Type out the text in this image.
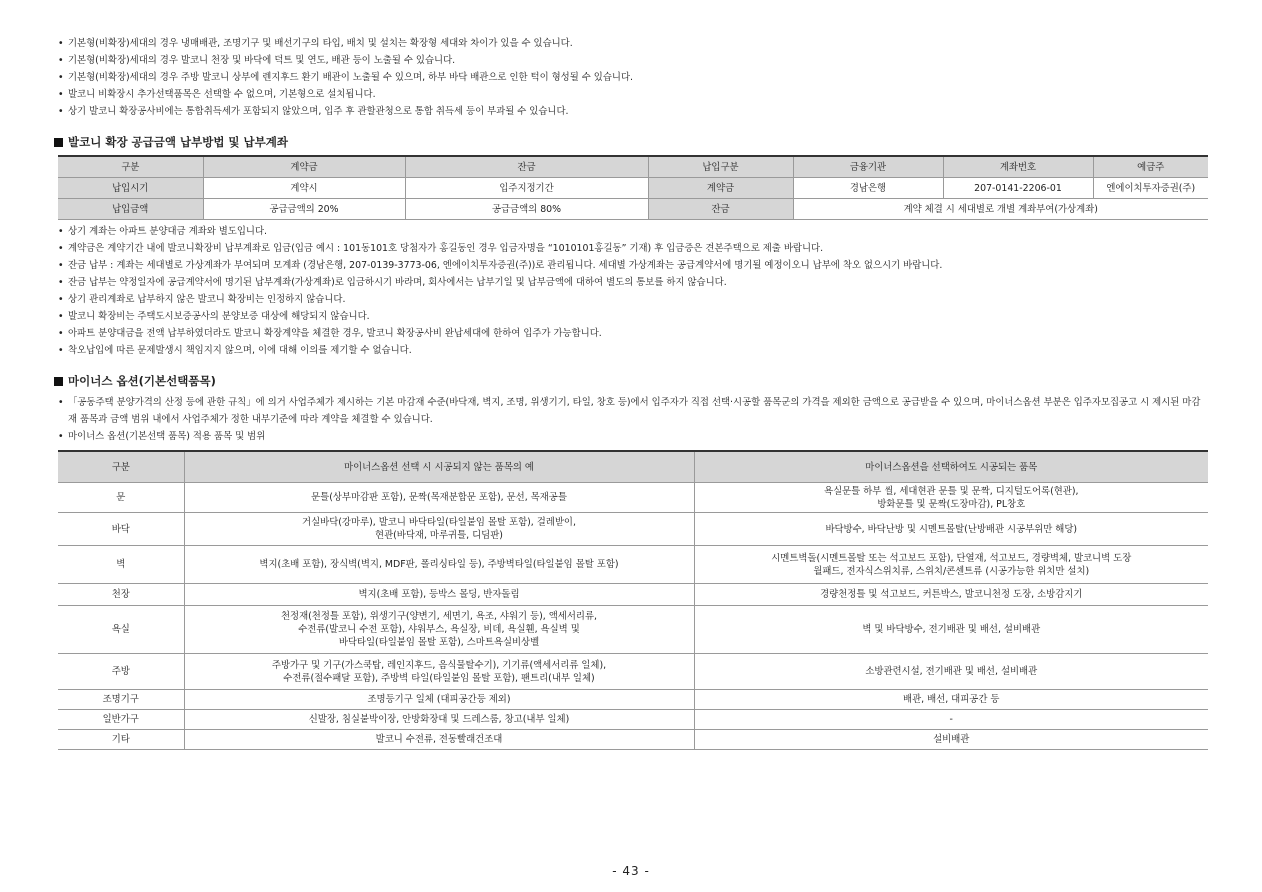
• 기본형(비확장)세대의 경우 냉매배관, 조명기구 및 배선기구의 타입, 배치 및 설치는 확장형 세대와 차이가 있을 수 있습니다.
• 기본형(비확장)세대의 경우 발코니 천장 및 바닥에 덕트 및 연도, 배관 등이 노출될 수 있습니다.
• 기본형(비확장)세대의 경우 주방 발코니 상부에 렌지후드 환기 배관이 노출될 수 있으며, 하부 바닥 배관으로 인한 턱이 형성될 수 있습니다.
• 발코니 비확장시 추가선택품목은 선택할 수 없으며, 기본형으로 설치됩니다.
• 상기 발코니 확장공사비에는 통합취득세가 포함되지 않았으며, 입주 후 관할관청으로 통합 취득세 등이 부과될 수 있습니다.
발코니 확장 공급금액 납부방법 및 납부계좌
구분	계약금	잔금	납입구분	금융기관	계좌번호	예금주
납입시기	계약시	입주지정기간	계약금	경남은행	207-0141-2206-01	엔에이치투자증권(주)
납입금액	공급금액의 20%	공급금액의 80%	잔금	계약 체결 시 세대별로 개별 계좌부여(가상계좌)		
• 상기 계좌는 아파트 분양대금 계좌와 별도입니다.
• 계약금은 계약기간 내에 발코니확장비 납부계좌로 입금(입금 예시 : 101동101호 당첨자가 홍길동인 경우 입금자명을 “1010101홍길동” 기재) 후 입금증은 견본주택으로 제출 바랍니다.
• 잔금 납부 : 계좌는 세대별로 가상계좌가 부여되며 모계좌 (경남은행, 207-0139-3773-06, 엔에이치투자증권(주))로 관리됩니다. 세대별 가상계좌는 공급계약서에 명기될 예정이오니 납부에 착오 없으시기 바랍니다.
• 잔금 납부는 약정일자에 공급계약서에 명기된 납부계좌(가상계좌)로 입금하시기 바라며, 회사에서는 납부기일 및 납부금액에 대하여 별도의 통보를 하지 않습니다.
• 상기 관리계좌로 납부하지 않은 발코니 확장비는 인정하지 않습니다.
• 발코니 확장비는 주택도시보증공사의 분양보증 대상에 해당되지 않습니다.
• 아파트 분양대금을 전액 납부하였더라도 발코니 확장계약을 체결한 경우, 발코니 확장공사비 완납세대에 한하여 입주가 가능합니다.
• 착오납입에 따른 문제발생시 책임지지 않으며, 이에 대해 이의를 제기할 수 없습니다.
마이너스 옵션(기본선택품목)
• 「공동주택 분양가격의 산정 등에 관한 규칙」에 의거 사업주체가 제시하는 기본 마감재 수준(바닥재, 벽지, 조명, 위생기기, 타일, 창호 등)에서 입주자가 직접 선택·시공할 품목군의 가격을 제외한 금액으로 공급받을 수 있으며, 마이너스옵션 부분은 입주자모집공고 시 제시된 마감재 품목과 금액 범위 내에서 사업주체가 정한 내부기준에 따라 계약을 체결할 수 있습니다.
• 마이너스 옵션(기본선택 품목) 적용 품목 및 범위
구분	마이너스옵션 선택 시 시공되지 않는 품목의 예	마이너스옵션을 선택하여도 시공되는 품목
문	문틀(상부마감판 포함), 문짝(목재분합문 포함), 문선, 목재공틀	욕실문틀 하부 씰, 세대현관 문틀 및 문짝, 디지털도어록(현관),
방화문틀 및 문짝(도장마감), PL창호
바닥	거실바닥(강마루), 발코니 바닥타일(타일붙임 몰탈 포함), 걸레받이,
현관(바닥재, 마루귀틀, 디딤판)	바닥방수, 바닥난방 및 시멘트몰탈(난방배관 시공부위만 해당)
벽	벽지(초배 포함), 장식벽(벽지, MDF판, 폴리싱타일 등), 주방벽타일(타일붙임 몰탈 포함)	시멘트벽돌(시멘트몰탈 또는 석고보드 포함), 단열재, 석고보드, 경량벽체, 발코니벽 도장
월패드, 전자식스위치류, 스위치/콘센트류 (시공가능한 위치만 설치)
천장	벽지(초배 포함), 등박스 몰딩, 반자돌림	경량천정틀 및 석고보드, 커튼박스, 발코니천정 도장, 소방감지기
욕실	천정재(천정틀 포함), 위생기구(양변기, 세면기, 욕조, 샤워기 등), 액세서리류,
수전류(발코니 수전 포함), 샤워부스, 욕실장, 비데, 욕실휀, 욕실벽 및
바닥타일(타일붙임 몰탈 포함), 스마트욕실비상벨	벽 및 바닥방수, 전기배관 및 배선, 설비배관
주방	주방가구 및 기구(가스쿡탑, 레인지후드, 음식물탈수기), 기기류(액세서리류 일체),
수전류(절수패달 포함), 주방벽 타일(타일붙임 몰탈 포함), 팬트리(내부 일체)	소방관련시설, 전기배관 및 배선, 설비배관
조명기구	조명등기구 일체 (대피공간등 제외)	배관, 배선, 대피공간 등
일반가구	신발장, 침실붙박이장, 안방화장대 및 드레스룸, 창고(내부 일체)	-
기타	발코니 수전류, 전동빨래건조대	설비배관
- 43 -
